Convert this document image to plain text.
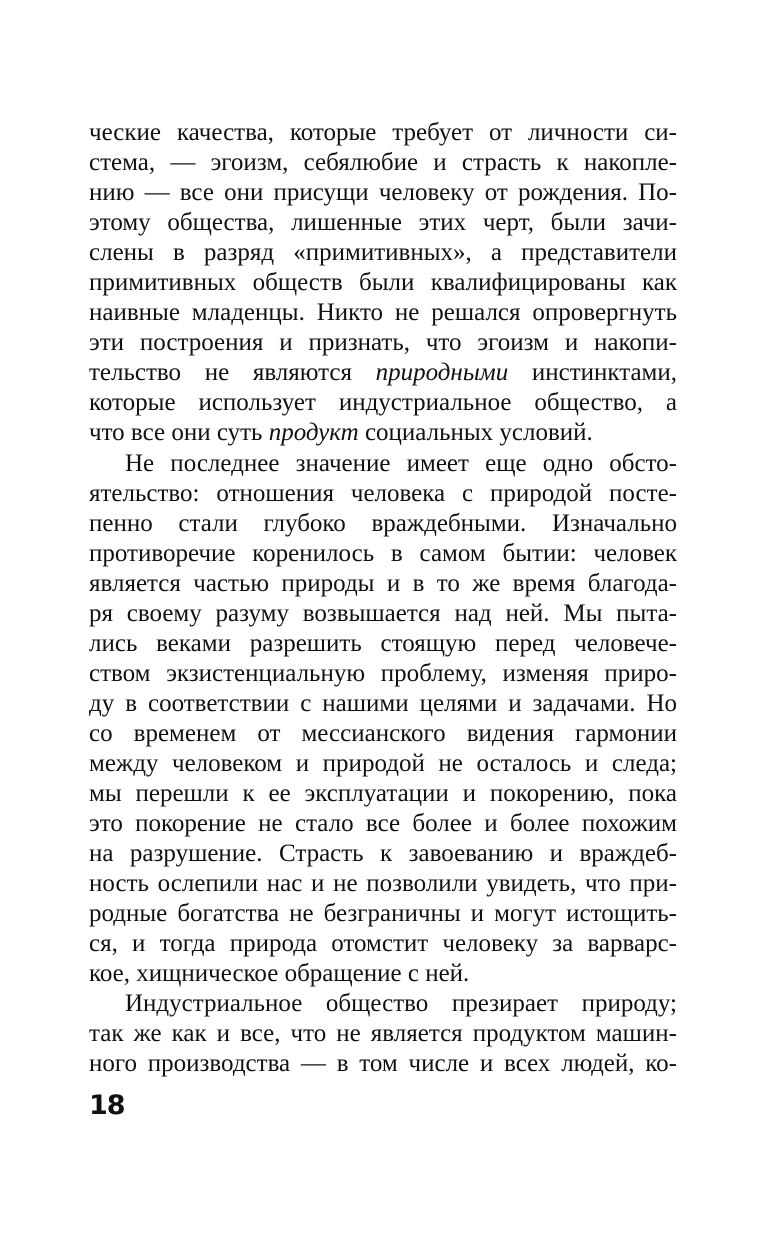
ческие качества, которые требует от личности си-
стема, — эгоизм, себялюбие и страсть к накопле-
нию — все они присущи человеку от рождения. По-
этому общества, лишенные этих черт, были зачи-
слены в разряд «примитивных», а представители
примитивных обществ были квалифицированы как
наивные младенцы. Никто не решался опровергнуть
эти построения и признать, что эгоизм и накопи-
тельство не являются природными инстинктами,
которые использует индустриальное общество, а
что все они суть продукт социальных условий.
Не последнее значение имеет еще одно обсто-
ятельство: отношения человека с природой посте-
пенно стали глубоко враждебными. Изначально
противоречие коренилось в самом бытии: человек
является частью природы и в то же время благода-
ря своему разуму возвышается над ней. Мы пыта-
лись веками разрешить стоящую перед человече-
ством экзистенциальную проблему, изменяя приро-
ду в соответствии с нашими целями и задачами. Но
со временем от мессианского видения гармонии
между человеком и природой не осталось и следа;
мы перешли к ее эксплуатации и покорению, пока
это покорение не стало все более и более похожим
на разрушение. Страсть к завоеванию и враждеб-
ность ослепили нас и не позволили увидеть, что при-
родные богатства не безграничны и могут истощить-
ся, и тогда природа отомстит человеку за варварс-
кое, хищническое обращение с ней.
Индустриальное общество презирает природу;
так же как и все, что не является продуктом машин-
ного производства — в том числе и всех людей, ко-
18
